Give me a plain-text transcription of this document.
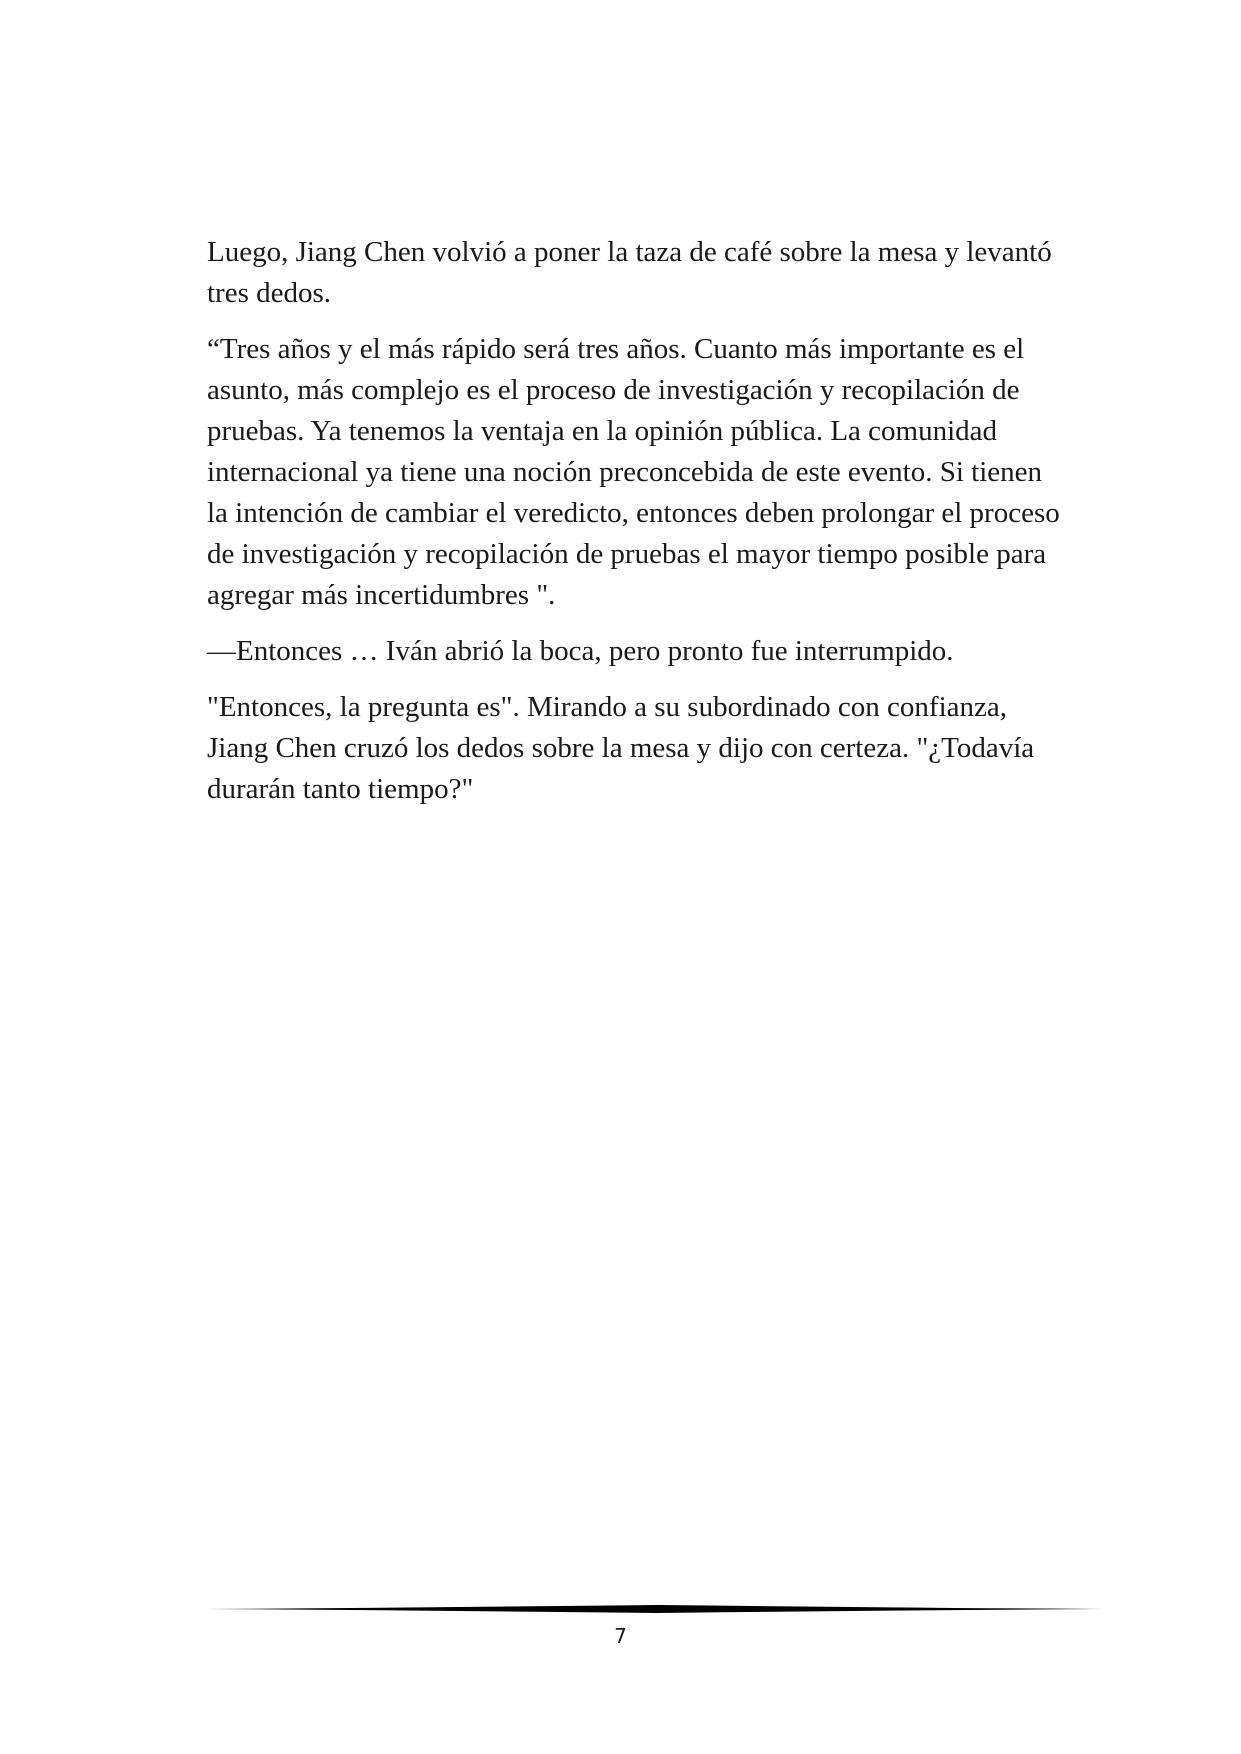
Luego, Jiang Chen volvió a poner la taza de café sobre la mesa y levantó tres dedos.

“Tres años y el más rápido será tres años. Cuanto más importante es el asunto, más complejo es el proceso de investigación y recopilación de pruebas. Ya tenemos la ventaja en la opinión pública. La comunidad internacional ya tiene una noción preconcebida de este evento. Si tienen la intención de cambiar el veredicto, entonces deben prolongar el proceso de investigación y recopilación de pruebas el mayor tiempo posible para agregar más incertidumbres ".

—Entonces … Iván abrió la boca, pero pronto fue interrumpido.

"Entonces, la pregunta es". Mirando a su subordinado con confianza, Jiang Chen cruzó los dedos sobre la mesa y dijo con certeza. "¿Todavía durarán tanto tiempo?"

7
